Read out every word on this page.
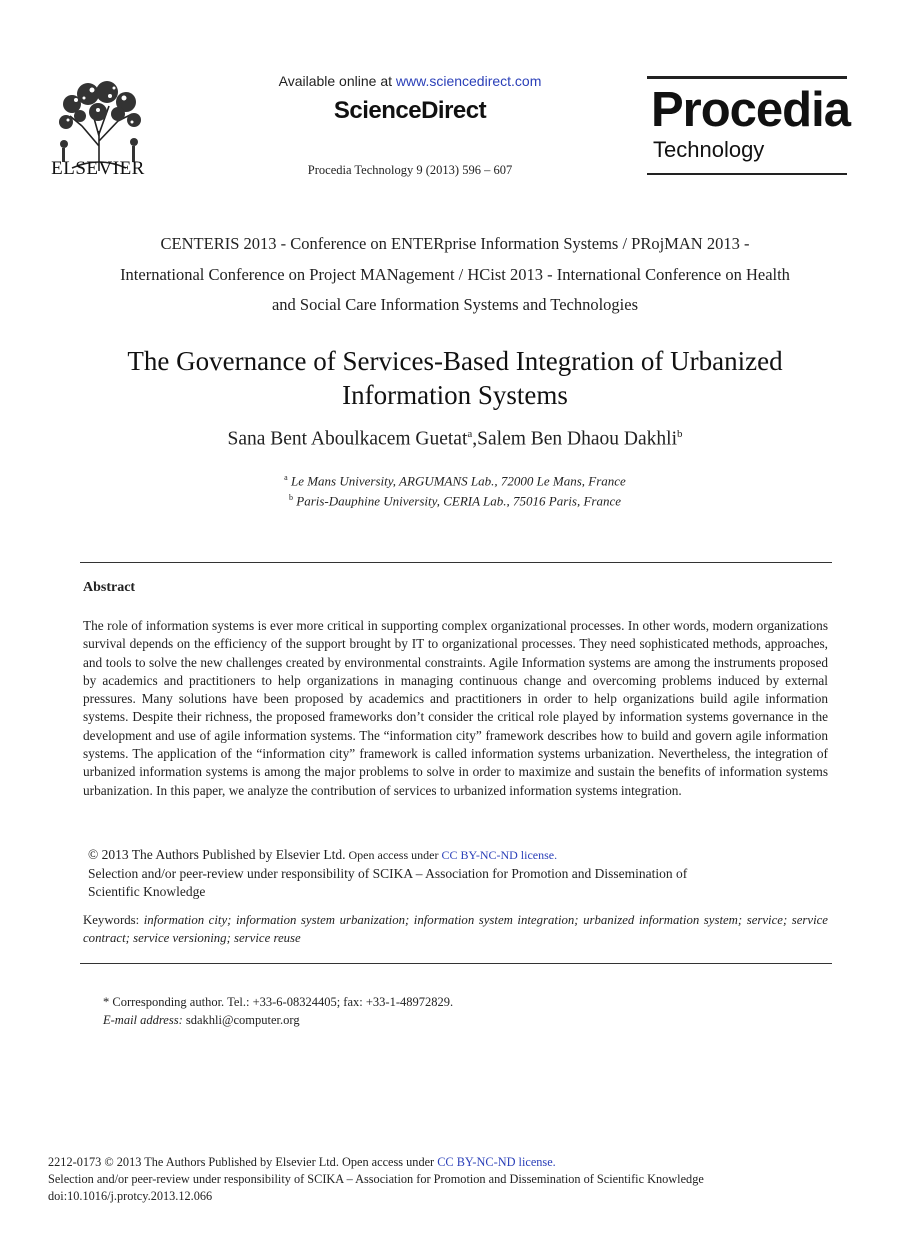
ELSEVIER
Available online at www.sciencedirect.com
ScienceDirect
Procedia Technology 9 (2013) 596 – 607
Procedia
Technology
CENTERIS 2013 - Conference on ENTERprise Information Systems / PRojMAN 2013 -
International Conference on Project MANagement / HCist 2013 - International Conference on Health
and Social Care Information Systems and Technologies
The Governance of Services-Based Integration of Urbanized
Information Systems
Sana Bent Aboulkacem Guetat$^a$,Salem Ben Dhaou Dakhli$^b$
$^a$ Le Mans University, ARGUMANS Lab., 72000 Le Mans, France
$^b$ Paris-Dauphine University, CERIA Lab., 75016 Paris, France
Abstract
The role of information systems is ever more critical in supporting complex organizational processes. In other words, modern organizations survival depends on the efficiency of the support brought by IT to organizational processes. They need sophisticated methods, approaches, and tools to solve the new challenges created by environmental constraints. Agile Information systems are among the instruments proposed by academics and practitioners to help organizations in managing continuous change and overcoming problems induced by external pressures. Many solutions have been proposed by academics and practitioners in order to help organizations build agile information systems. Despite their richness, the proposed frameworks don’t consider the critical role played by information systems governance in the development and use of agile information systems. The “information city” framework describes how to build and govern agile information systems. The application of the “information city” framework is called information systems urbanization. Nevertheless, the integration of urbanized information systems is among the major problems to solve in order to maximize and sustain the benefits of information systems urbanization. In this paper, we analyze the contribution of services to urbanized information systems integration.
© 2013 The Authors Published by Elsevier Ltd. Open access under CC BY-NC-ND license.
Selection and/or peer-review under responsibility of SCIKA – Association for Promotion and Dissemination of
Scientific Knowledge
Keywords: information city; information system urbanization; information system integration; urbanized information system; service; service contract; service versioning; service reuse
* Corresponding author. Tel.: +33-6-08324405; fax: +33-1-48972829.
E-mail address: sdakhli@computer.org
2212-0173 © 2013 The Authors Published by Elsevier Ltd. Open access under CC BY-NC-ND license.
Selection and/or peer-review under responsibility of SCIKA – Association for Promotion and Dissemination of Scientific Knowledge
doi:10.1016/j.protcy.2013.12.066
